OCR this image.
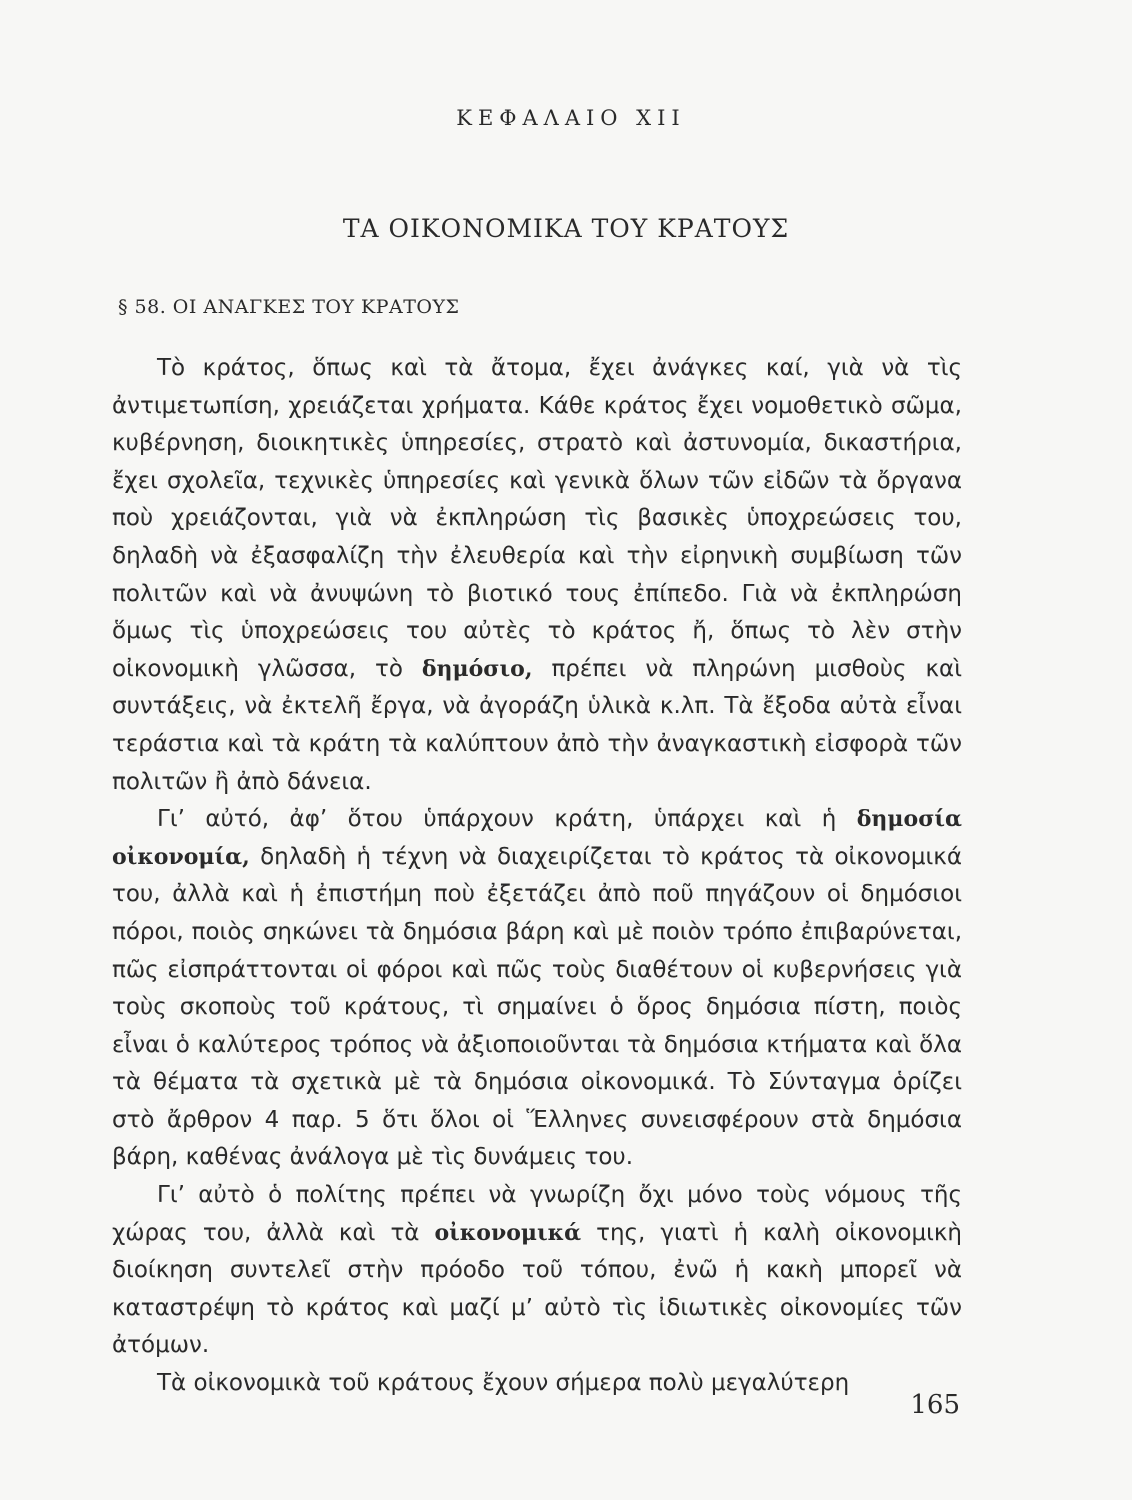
ΚΕΦΑΛΑΙΟ XII
ΤΑ ΟΙΚΟΝΟΜΙΚΑ ΤΟΥ ΚΡΑΤΟΥΣ
§ 58. ΟΙ ΑΝΑΓΚΕΣ ΤΟΥ ΚΡΑΤΟΥΣ

Τὸ κράτος, ὅπως καὶ τὰ ἄτομα, ἔχει ἀνάγκες καί, γιὰ νὰ τὶς ἀντιμετωπίση, χρειάζεται χρήματα. Κάθε κράτος ἔχει νομοθετικὸ σῶμα, κυβέρνηση, διοικητικὲς ὑπηρεσίες, στρατὸ καὶ ἀστυνομία, δικαστήρια, ἔχει σχολεῖα, τεχνικὲς ὑπηρεσίες καὶ γενικὰ ὅλων τῶν εἰδῶν τὰ ὄργανα ποὺ χρειάζονται, γιὰ νὰ ἐκπληρώση τὶς βασικὲς ὑποχρεώσεις του, δηλαδὴ νὰ ἐξασφαλίζη τὴν ἐλευθερία καὶ τὴν εἰρηνικὴ συμβίωση τῶν πολιτῶν καὶ νὰ ἀνυψώνη τὸ βιοτικό τους ἐπίπεδο. Γιὰ νὰ ἐκπληρώση ὅμως τὶς ὑποχρεώσεις του αὐτὲς τὸ κράτος ἤ, ὅπως τὸ λὲν στὴν οἰκονομικὴ γλῶσσα, τὸ δημόσιο, πρέπει νὰ πληρώνη μισθοὺς καὶ συντάξεις, νὰ ἐκτελῆ ἔργα, νὰ ἀγοράζη ὑλικὰ κ.λπ. Τὰ ἔξοδα αὐτὰ εἶναι τεράστια καὶ τὰ κράτη τὰ καλύπτουν ἀπὸ τὴν ἀναγκαστικὴ εἰσφορὰ τῶν πολιτῶν ἢ ἀπὸ δάνεια.

Γι’ αὐτό, ἀφ’ ὅτου ὑπάρχουν κράτη, ὑπάρχει καὶ ἡ δημοσία οἰκονομία, δηλαδὴ ἡ τέχνη νὰ διαχειρίζεται τὸ κράτος τὰ οἰκονομικά του, ἀλλὰ καὶ ἡ ἐπιστήμη ποὺ ἐξετάζει ἀπὸ ποῦ πηγάζουν οἱ δημόσιοι πόροι, ποιὸς σηκώνει τὰ δημόσια βάρη καὶ μὲ ποιὸν τρόπο ἐπιβαρύνεται, πῶς εἰσπράττονται οἱ φόροι καὶ πῶς τοὺς διαθέτουν οἱ κυβερνήσεις γιὰ τοὺς σκοποὺς τοῦ κράτους, τὶ σημαίνει ὁ ὅρος δημόσια πίστη, ποιὸς εἶναι ὁ καλύτερος τρόπος νὰ ἀξιοποιοῦνται τὰ δημόσια κτήματα καὶ ὅλα τὰ θέματα τὰ σχετικὰ μὲ τὰ δημόσια οἰκονομικά. Τὸ Σύνταγμα ὁρίζει στὸ ἄρθρον 4 παρ. 5 ὅτι ὅλοι οἱ Ἕλληνες συνεισφέρουν στὰ δημόσια βάρη, καθένας ἀνάλογα μὲ τὶς δυνάμεις του.

Γι’ αὐτὸ ὁ πολίτης πρέπει νὰ γνωρίζη ὄχι μόνο τοὺς νόμους τῆς χώρας του, ἀλλὰ καὶ τὰ οἰκονομικά της, γιατὶ ἡ καλὴ οἰκονομικὴ διοίκηση συντελεῖ στὴν πρόοδο τοῦ τόπου, ἐνῶ ἡ κακὴ μπορεῖ νὰ καταστρέψη τὸ κράτος καὶ μαζί μ’ αὐτὸ τὶς ἰδιωτικὲς οἰκονομίες τῶν ἀτόμων.

Τὰ οἰκονομικὰ τοῦ κράτους ἔχουν σήμερα πολὺ μεγαλύτερη

165
